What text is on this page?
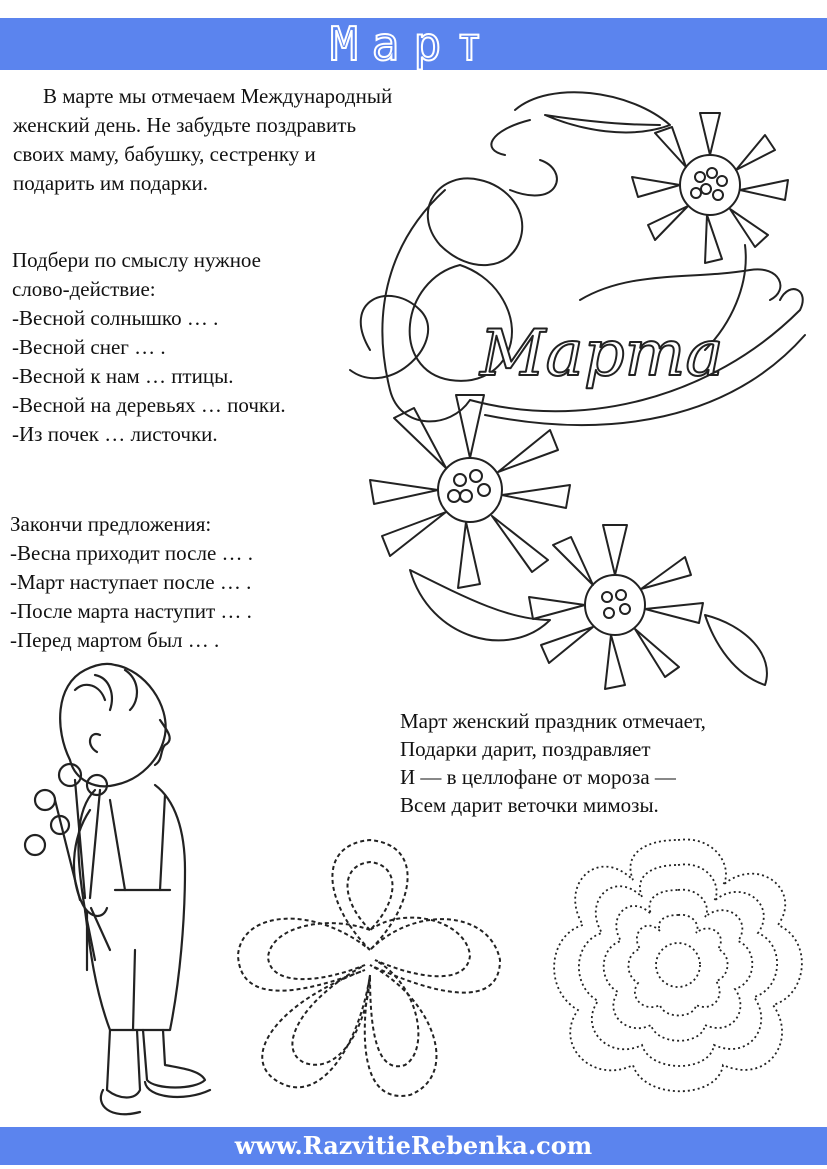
Март

В марте мы отмечаем Международный

женский день. Не забудьте поздравить

своих маму, бабушку, сестренку и

подарить им подарки.

Подбери по смыслу нужное

слово-действие:

-Весной солнышко … .

-Весной снег … .

-Весной к нам … птицы.

-Весной на деревьях … почки.

-Из почек … листочки.

Закончи предложения:

-Весна приходит после … .

-Март наступает после … .

-После марта наступит … .

-Перед мартом был … .

Марта

Март женский праздник отмечает,

Подарки дарит, поздравляет

И — в целлофане от мороза —

Всем дарит веточки мимозы.

www.RazvitieRebenka.com
